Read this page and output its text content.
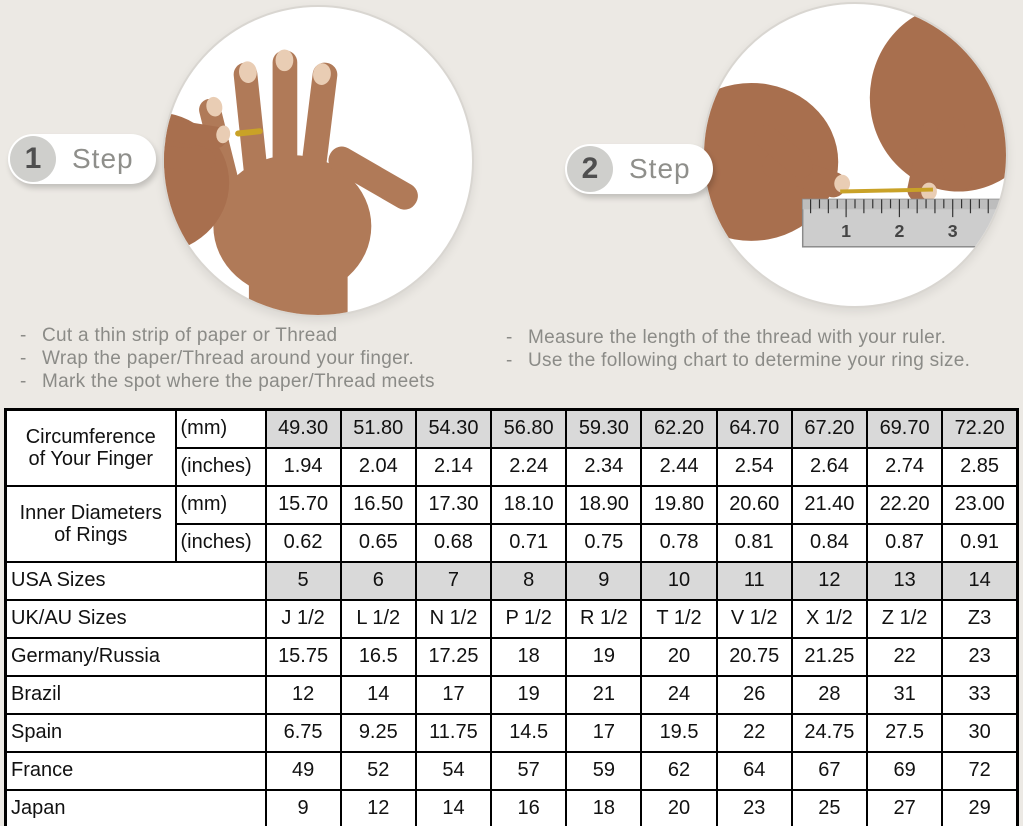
1 2 3
1	Step	2	Step
- Cut a thin strip of paper or Thread
- Wrap the paper/Thread around your finger.
- Mark the spot where the paper/Thread meets
- Measure the length of the thread with your ruler.
- Use the following chart to determine your ring size.
Circumference
of Your Finger	(mm)	49.30	51.80	54.30	56.80	59.30	62.20	64.70	67.20	69.70	72.20
	(inches)	1.94	2.04	2.14	2.24	2.34	2.44	2.54	2.64	2.74	2.85

Inner Diameters
of Rings	(mm)	15.70	16.50	17.30	18.10	18.90	19.80	20.60	21.40	22.20	23.00
	(inches)	0.62	0.65	0.68	0.71	0.75	0.78	0.81	0.84	0.87	0.91
USA Sizes		5	6	7	8	9	10	11	12	13	14
UK/AU Sizes		J 1/2	L 1/2	N 1/2	P 1/2	R 1/2	T 1/2	V 1/2	X 1/2	Z 1/2	Z3
Germany/Russia		15.75	16.5	17.25	18	19	20	20.75	21.25	22	23
Brazil		12	14	17	19	21	24	26	28	31	33
Spain		6.75	9.25	11.75	14.5	17	19.5	22	24.75	27.5	30
France		49	52	54	57	59	62	64	67	69	72
Japan		9	12	14	16	18	20	23	25	27	29
